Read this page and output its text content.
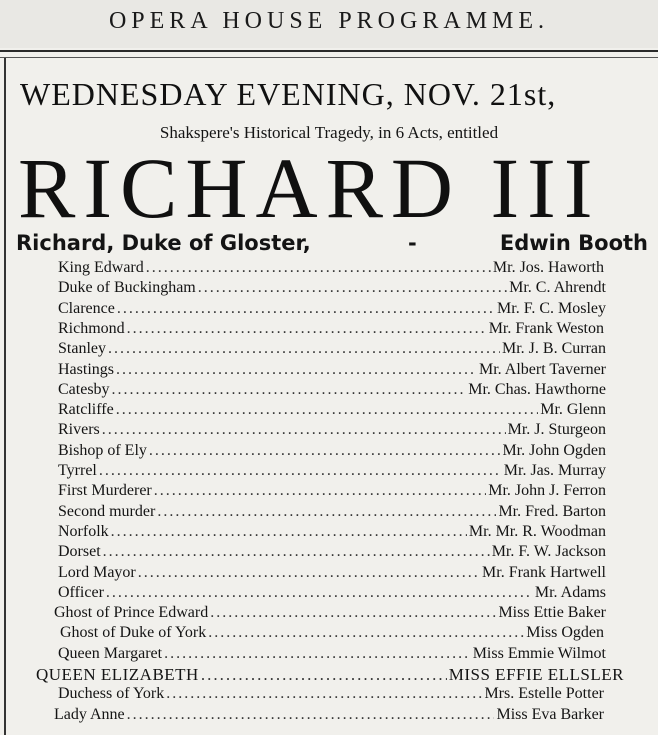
OPERA HOUSE PROGRAMME.
WEDNESDAY EVENING, NOV. 21st,
Shakspere's Historical Tragedy, in 6 Acts, entitled
RICHARD III
Richard, Duke of Gloster,	-	Edwin Booth
King Edward .....	Mr. Jos. Haworth
Duke of Buckingham .....	Mr. C. Ahrendt
Clarence .....	Mr. F. C. Mosley
Richmond .....	Mr. Frank Weston
Stanley .....	Mr. J. B. Curran
Hastings .....	Mr. Albert Taverner
Catesby .....	Mr. Chas. Hawthorne
Ratcliffe .....	Mr. Glenn
Rivers .....	Mr. J. Sturgeon
Bishop of Ely .....	Mr. John Ogden
Tyrrel .....	Mr. Jas. Murray
First Murderer .....	Mr. John J. Ferron
Second murder .....	Mr. Fred. Barton
Norfolk .....	Mr. Mr. R. Woodman
Dorset .....	Mr. F. W. Jackson
Lord Mayor .....	Mr. Frank Hartwell
Officer .....	Mr. Adams
Ghost of Prince Edward .....	Miss Ettie Baker
Ghost of Duke of York .....	Miss Ogden
Queen Margaret .....	Miss Emmie Wilmot
QUEEN ELIZABETH .....	MISS EFFIE ELLSLER
Duchess of York .....	Mrs. Estelle Potter
Lady Anne .....	Miss Eva Barker
